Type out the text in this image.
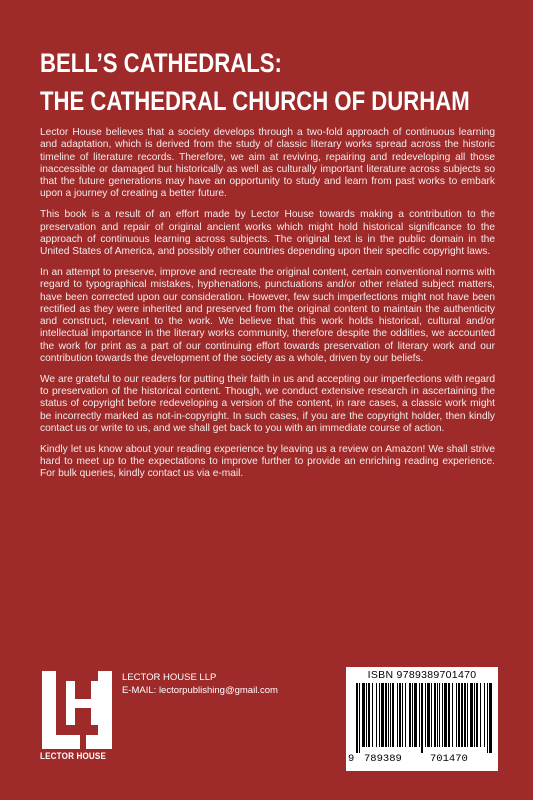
BELL’S CATHEDRALS:
THE CATHEDRAL CHURCH OF DURHAM

Lector House believes that a society develops through a two-fold approach of continuous learning and adaptation, which is derived from the study of classic literary works spread across the historic timeline of literature records. Therefore, we aim at reviving, repairing and redeveloping all those inaccessible or damaged but historically as well as culturally important literature across subjects so that the future generations may have an opportunity to study and learn from past works to embark upon a journey of creating a better future.

This book is a result of an effort made by Lector House towards making a contribution to the preservation and repair of original ancient works which might hold historical significance to the approach of continuous learning across subjects. The original text is in the public domain in the United States of America, and possibly other countries depending upon their specific copyright laws.

In an attempt to preserve, improve and recreate the original content, certain conventional norms with regard to typographical mistakes, hyphenations, punctuations and/or other related subject matters, have been corrected upon our consideration. However, few such imperfections might not have been rectified as they were inherited and preserved from the original content to maintain the authenticity and construct, relevant to the work. We believe that this work holds historical, cultural and/or intellectual importance in the literary works community, therefore despite the oddities, we accounted the work for print as a part of our continuing effort towards preservation of literary work and our contribution towards the development of the society as a whole, driven by our beliefs.

We are grateful to our readers for putting their faith in us and accepting our imperfections with regard to preservation of the historical content. Though, we conduct extensive research in ascertaining the status of copyright before redeveloping a version of the content, in rare cases, a classic work might be incorrectly marked as not-in-copyright. In such cases, if you are the copyright holder, then kindly contact us or write to us, and we shall get back to you with an immediate course of action.

Kindly let us know about your reading experience by leaving us a review on Amazon! We shall strive hard to meet up to the expectations to improve further to provide an enriching reading experience. For bulk queries, kindly contact us via e-mail.

LECTOR HOUSE
LECTOR HOUSE LLP
E-MAIL: lectorpublishing@gmail.com
ISBN 9789389701470
9 789389	701470
